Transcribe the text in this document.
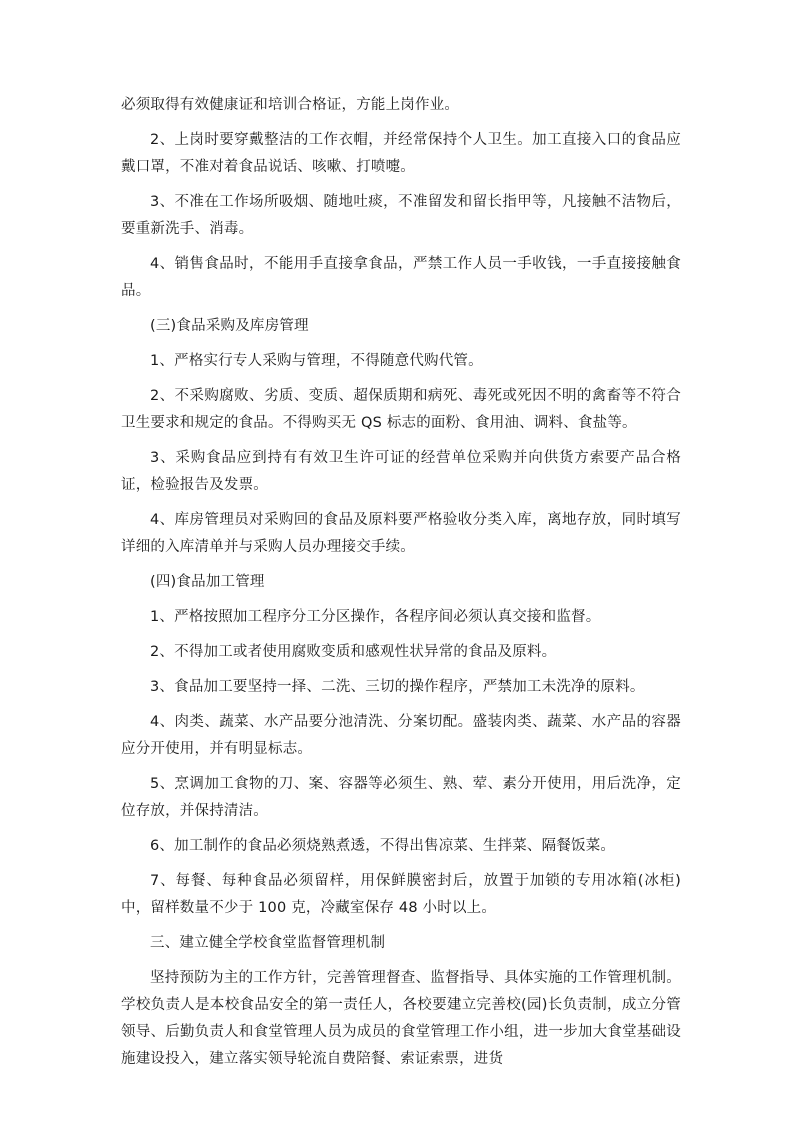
必须取得有效健康证和培训合格证，方能上岗作业。

2、上岗时要穿戴整洁的工作衣帽，并经常保持个人卫生。加工直接入口的食品应戴口罩，不准对着食品说话、咳嗽、打喷嚏。

3、不准在工作场所吸烟、随地吐痰，不准留发和留长指甲等，凡接触不洁物后，要重新洗手、消毒。

4、销售食品时，不能用手直接拿食品，严禁工作人员一手收钱，一手直接接触食品。

(三)食品采购及库房管理

1、严格实行专人采购与管理，不得随意代购代管。

2、不采购腐败、劣质、变质、超保质期和病死、毒死或死因不明的禽畜等不符合卫生要求和规定的食品。不得购买无 QS 标志的面粉、食用油、调料、食盐等。

3、采购食品应到持有有效卫生许可证的经营单位采购并向供货方索要产品合格证，检验报告及发票。

4、库房管理员对采购回的食品及原料要严格验收分类入库，离地存放，同时填写详细的入库清单并与采购人员办理接交手续。

(四)食品加工管理

1、严格按照加工程序分工分区操作，各程序间必须认真交接和监督。

2、不得加工或者使用腐败变质和感观性状异常的食品及原料。

3、食品加工要坚持一择、二洗、三切的操作程序，严禁加工未洗净的原料。

4、肉类、蔬菜、水产品要分池清洗、分案切配。盛装肉类、蔬菜、水产品的容器应分开使用，并有明显标志。

5、烹调加工食物的刀、案、容器等必须生、熟、荤、素分开使用，用后洗净，定位存放，并保持清洁。

6、加工制作的食品必须烧熟煮透，不得出售凉菜、生拌菜、隔餐饭菜。

7、每餐、每种食品必须留样，用保鲜膜密封后，放置于加锁的专用冰箱(冰柜)中，留样数量不少于 100 克，冷藏室保存 48 小时以上。

三、建立健全学校食堂监督管理机制

坚持预防为主的工作方针，完善管理督查、监督指导、具体实施的工作管理机制。学校负责人是本校食品安全的第一责任人，各校要建立完善校(园)长负责制，成立分管领导、后勤负责人和食堂管理人员为成员的食堂管理工作小组，进一步加大食堂基础设施建设投入，建立落实领导轮流自费陪餐、索证索票，进货
